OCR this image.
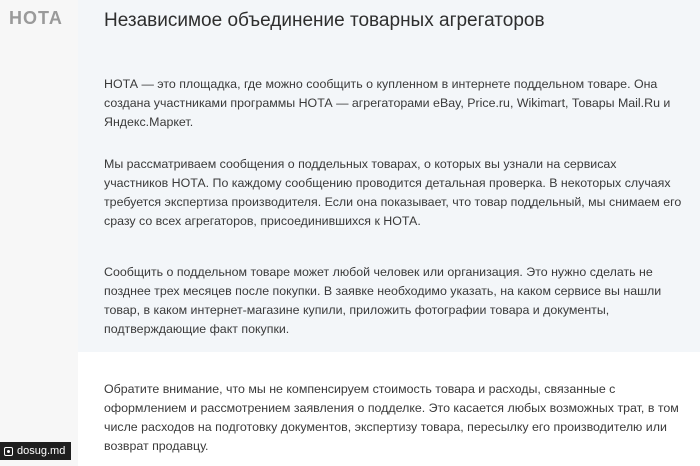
НОТА Независимое объединение товарных агрегаторов

НОТА — это площадка, где можно сообщить о купленном в интернете поддельном товаре. Она создана участниками программы НОТА — агрегаторами eBay, Price.ru, Wikimart, Товары Mail.Ru и Яндекс.Маркет.

Мы рассматриваем сообщения о поддельных товарах, о которых вы узнали на сервисах участников НОТА. По каждому сообщению проводится детальная проверка. В некоторых случаях требуется экспертиза производителя. Если она показывает, что товар поддельный, мы снимаем его сразу со всех агрегаторов, присоединившихся к НОТА.

Сообщить о поддельном товаре может любой человек или организация. Это нужно сделать не позднее трех месяцев после покупки. В заявке необходимо указать, на каком сервисе вы нашли товар, в каком интернет-магазине купили, приложить фотографии товара и документы, подтверждающие факт покупки.

Обратите внимание, что мы не компенсируем стоимость товара и расходы, связанные с оформлением и рассмотрением заявления о подделке. Это касается любых возможных трат, в том числе расходов на подготовку документов, экспертизу товара, пересылку его производителю или возврат продавцу.

dosug.md
